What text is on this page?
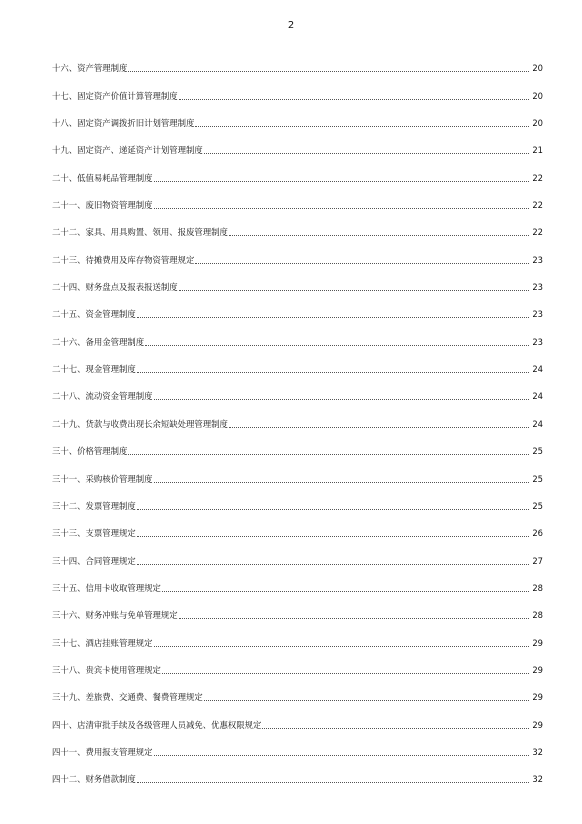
2
十六、资产管理制度	20
十七、固定资产价值计算管理制度	20
十八、固定资产调拨折旧计划管理制度	20
十九、固定资产、递延资产计划管理制度	21
二十、低值易耗品管理制度	22
二十一、废旧物资管理制度	22
二十二、家具、用具购置、领用、报废管理制度	22
二十三、待摊费用及库存物资管理规定	23
二十四、财务盘点及报表报送制度	23
二十五、资金管理制度	23
二十六、备用金管理制度	23
二十七、现金管理制度	24
二十八、流动资金管理制度	24
二十九、货款与收费出现长余短缺处理管理制度	24
三十、价格管理制度	25
三十一、采购核价管理制度	25
三十二、发票管理制度	25
三十三、支票管理规定	26
三十四、合同管理规定	27
三十五、信用卡收取管理规定	28
三十六、财务冲账与免单管理规定	28
三十七、酒店挂账管理规定	29
三十八、贵宾卡使用管理规定	29
三十九、差旅费、交通费、餐费管理规定	29
四十、店清审批手续及各级管理人员减免、优惠权限规定	29
四十一、费用报支管理规定	32
四十二、财务借款制度	32
